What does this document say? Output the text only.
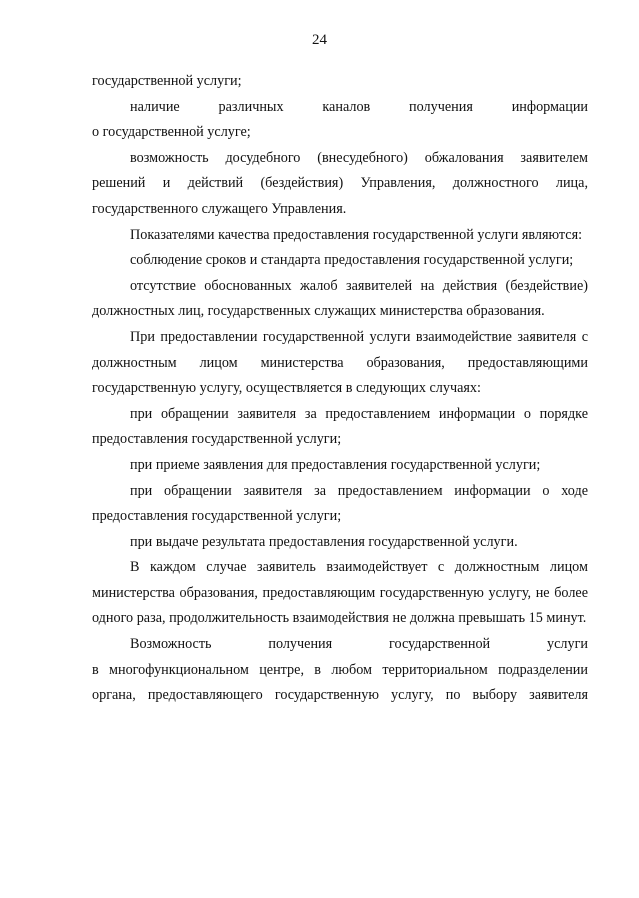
24

государственной услуги;

наличие различных каналов получения информации

о государственной услуге;

возможность досудебного (внесудебного) обжалования заявителем решений и действий (бездействия) Управления, должностного лица, государственного служащего Управления.

Показателями качества предоставления государственной услуги являются:

соблюдение сроков и стандарта предоставления государственной услуги;

отсутствие обоснованных жалоб заявителей на действия (бездействие) должностных лиц, государственных служащих министерства образования.

При предоставлении государственной услуги взаимодействие заявителя с должностным лицом министерства образования, предоставляющими государственную услугу, осуществляется в следующих случаях:

при обращении заявителя за предоставлением информации о порядке предоставления государственной услуги;

при приеме заявления для предоставления государственной услуги;

при обращении заявителя за предоставлением информации о ходе предоставления государственной услуги;

при выдаче результата предоставления государственной услуги.

В каждом случае заявитель взаимодействует с должностным лицом министерства образования, предоставляющим государственную услугу, не более одного раза, продолжительность взаимодействия не должна превышать 15 минут.

Возможность получения государственной услуги

в многофункциональном центре, в любом территориальном подразделении органа, предоставляющего государственную услугу, по выбору заявителя
